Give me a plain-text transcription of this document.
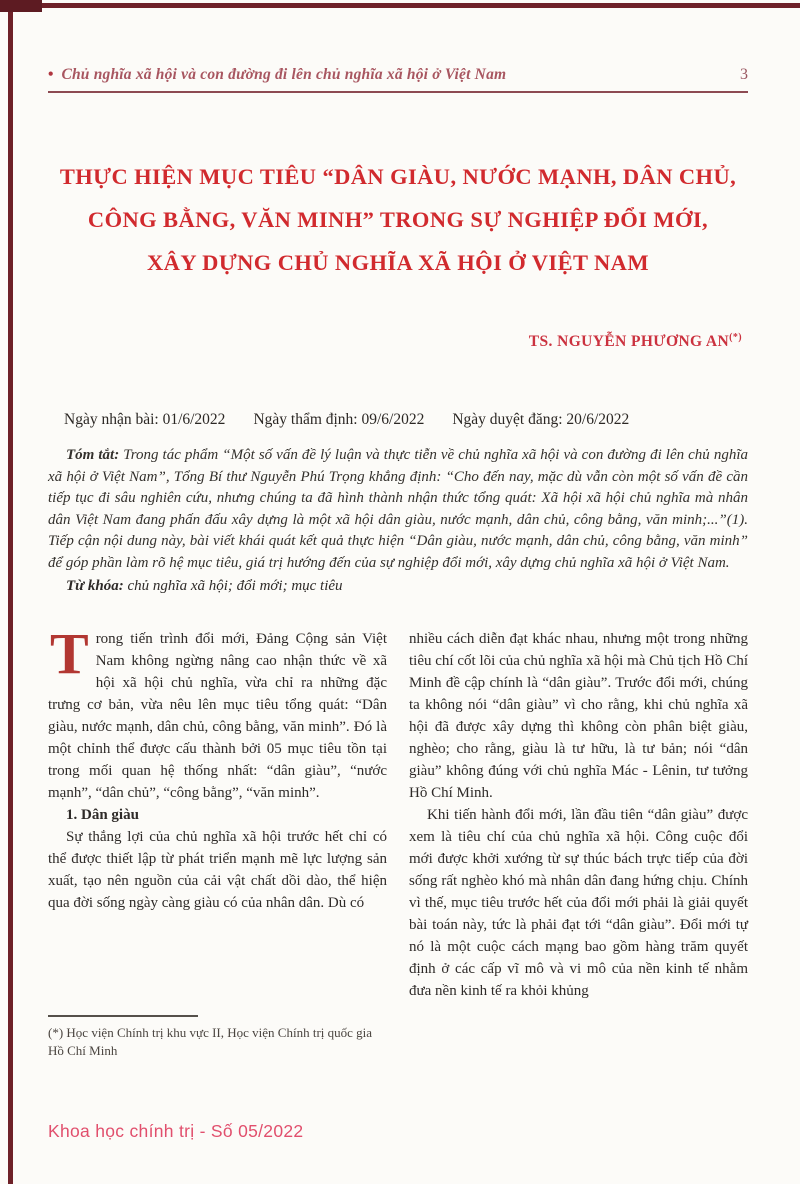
• Chủ nghĩa xã hội và con đường đi lên chủ nghĩa xã hội ở Việt Nam	3
THỰC HIỆN MỤC TIÊU “DÂN GIÀU, NƯỚC MẠNH, DÂN CHỦ,
CÔNG BẰNG, VĂN MINH” TRONG SỰ NGHIỆP ĐỔI MỚI,
XÂY DỰNG CHỦ NGHĨA XÃ HỘI Ở VIỆT NAM
TS. NGUYỄN PHƯƠNG AN(*)
Ngày nhận bài: 01/6/2022 Ngày thẩm định: 09/6/2022 Ngày duyệt đăng: 20/6/2022
Tóm tắt: Trong tác phẩm “Một số vấn đề lý luận và thực tiễn về chủ nghĩa xã hội và con đường đi lên chủ nghĩa xã hội ở Việt Nam”, Tổng Bí thư Nguyễn Phú Trọng khẳng định: “Cho đến nay, mặc dù vẫn còn một số vấn đề cần tiếp tục đi sâu nghiên cứu, nhưng chúng ta đã hình thành nhận thức tổng quát: Xã hội xã hội chủ nghĩa mà nhân dân Việt Nam đang phấn đấu xây dựng là một xã hội dân giàu, nước mạnh, dân chủ, công bằng, văn minh;...”(1). Tiếp cận nội dung này, bài viết khái quát kết quả thực hiện “Dân giàu, nước mạnh, dân chủ, công bằng, văn minh” để góp phần làm rõ hệ mục tiêu, giá trị hướng đến của sự nghiệp đổi mới, xây dựng chủ nghĩa xã hội ở Việt Nam.
Từ khóa: chủ nghĩa xã hội; đổi mới; mục tiêu

Trong tiến trình đổi mới, Đảng Cộng sản Việt Nam không ngừng nâng cao nhận thức về xã hội xã hội chủ nghĩa, vừa chỉ ra những đặc trưng cơ bản, vừa nêu lên mục tiêu tổng quát: “Dân giàu, nước mạnh, dân chủ, công bằng, văn minh”. Đó là một chỉnh thể được cấu thành bởi 05 mục tiêu tồn tại trong mối quan hệ thống nhất: “dân giàu”, “nước mạnh”, “dân chủ”, “công bằng”, “văn minh”.

1. Dân giàu

Sự thắng lợi của chủ nghĩa xã hội trước hết chỉ có thể được thiết lập từ phát triển mạnh mẽ lực lượng sản xuất, tạo nên nguồn của cải vật chất dồi dào, thể hiện qua đời sống ngày càng giàu có của nhân dân. Dù có

(*) Học viện Chính trị khu vực II, Học viện Chính trị quốc gia Hồ Chí Minh

nhiều cách diễn đạt khác nhau, nhưng một trong những tiêu chí cốt lõi của chủ nghĩa xã hội mà Chủ tịch Hồ Chí Minh đề cập chính là “dân giàu”. Trước đổi mới, chúng ta không nói “dân giàu” vì cho rằng, khi chủ nghĩa xã hội đã được xây dựng thì không còn phân biệt giàu, nghèo; cho rằng, giàu là tư hữu, là tư bản; nói “dân giàu” không đúng với chủ nghĩa Mác - Lênin, tư tưởng Hồ Chí Minh.

Khi tiến hành đổi mới, lần đầu tiên “dân giàu” được xem là tiêu chí của chủ nghĩa xã hội. Công cuộc đổi mới được khởi xướng từ sự thúc bách trực tiếp của đời sống rất nghèo khó mà nhân dân đang hứng chịu. Chính vì thế, mục tiêu trước hết của đổi mới phải là giải quyết bài toán này, tức là phải đạt tới “dân giàu”. Đổi mới tự nó là một cuộc cách mạng bao gồm hàng trăm quyết định ở các cấp vĩ mô và vi mô của nền kinh tế nhằm đưa nền kinh tế ra khỏi khủng

Khoa học chính trị - Số 05/2022
